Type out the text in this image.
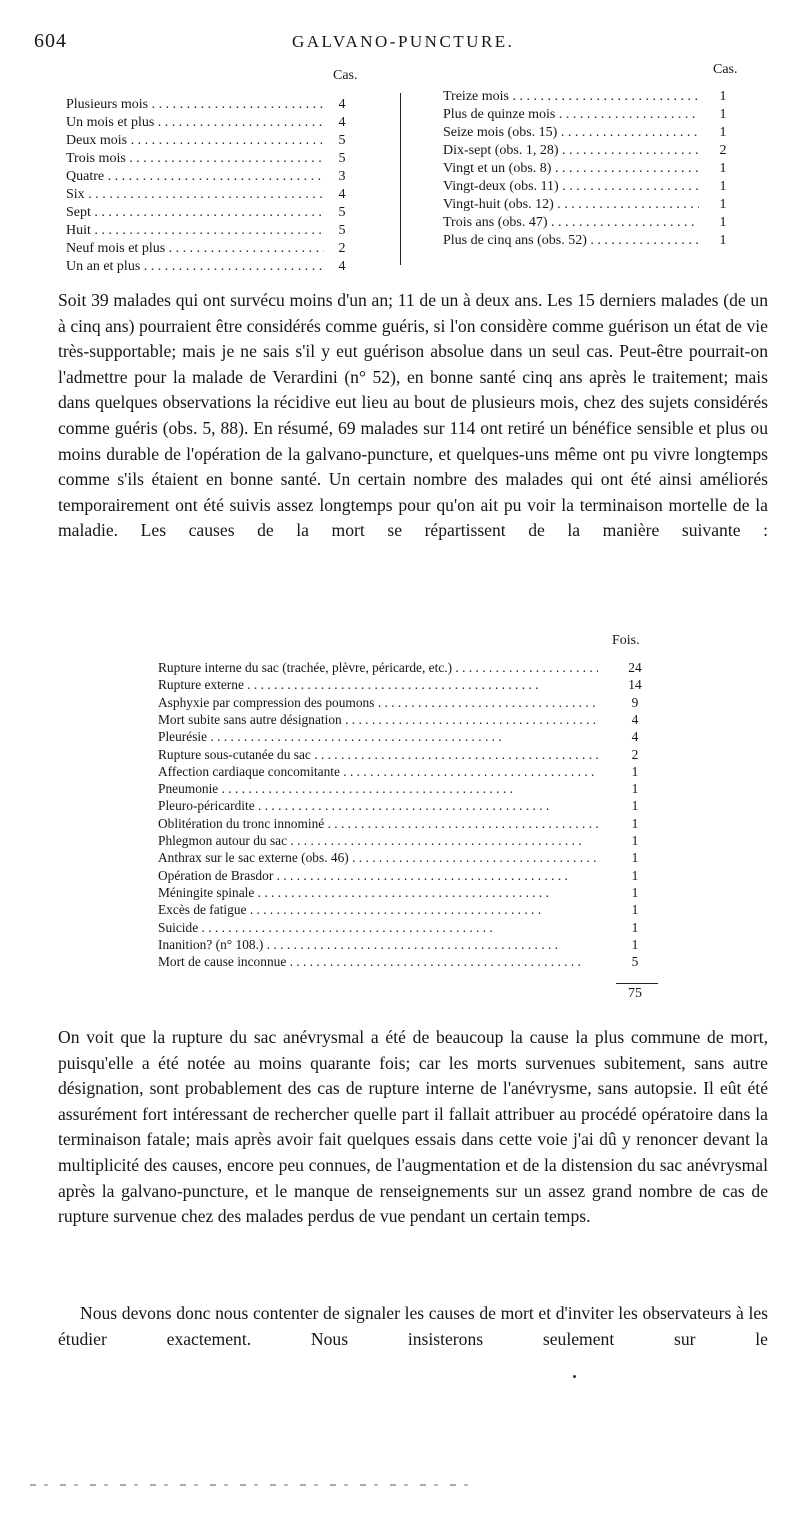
604	GALVANO-PUNCTURE.
Cas.	Cas.
Plusieurs mois . . .	4
Un mois et plus . . .	4
Deux mois . . .	5
Trois mois . . .	5
Quatre . . .	3
Six . . .	4
Sept . . .	5
Huit . . .	5
Neuf mois et plus . . .	2
Un an et plus . . .	4
Treize mois . . .	1
Plus de quinze mois . . .	1
Seize mois (obs. 15) . . .	1
Dix-sept (obs. 1, 28) . . .	2
Vingt et un (obs. 8) . . .	1
Vingt-deux (obs. 11) . . .	1
Vingt-huit (obs. 12) . . .	1
Trois ans (obs. 47) . . .	1
Plus de cinq ans (obs. 52) . . .	1

Soit 39 malades qui ont survécu moins d'un an; 11 de un à deux ans. Les 15 derniers malades (de un à cinq ans) pourraient être considérés comme guéris, si l'on considère comme guérison un état de vie très-supportable; mais je ne sais s'il y eut guérison absolue dans un seul cas. Peut-être pourrait-on l'admettre pour la malade de Verardini (n° 52), en bonne santé cinq ans après le traitement; mais dans quelques observations la récidive eut lieu au bout de plusieurs mois, chez des sujets considérés comme guéris (obs. 5, 88). En résumé, 69 malades sur 114 ont retiré un bénéfice sensible et plus ou moins durable de l'opération de la galvano-puncture, et quelques-uns même ont pu vivre longtemps comme s'ils étaient en bonne santé. Un certain nombre des malades qui ont été ainsi améliorés temporairement ont été suivis assez longtemps pour qu'on ait pu voir la terminaison mortelle de la maladie. Les causes de la mort se répartissent de la manière suivante :

Fois.
Rupture interne du sac (trachée, plèvre, péricarde, etc.) . . .	24
Rupture externe . . .	14
Asphyxie par compression des poumons . . .	9
Mort subite sans autre désignation . . .	4
Pleurésie . . .	4
Rupture sous-cutanée du sac . . .	2
Affection cardiaque concomitante . . .	1
Pneumonie . . .	1
Pleuro-péricardite . . .	1
Oblitération du tronc innominé . . .	1
Phlegmon autour du sac . . .	1
Anthrax sur le sac externe (obs. 46) . . .	1
Opération de Brasdor . . .	1
Méningite spinale . . .	1
Excès de fatigue . . .	1
Suicide . . .	1
Inanition? (n° 108.) . . .	1
Mort de cause inconnue . . .	5
75

On voit que la rupture du sac anévrysmal a été de beaucoup la cause la plus commune de mort, puisqu'elle a été notée au moins quarante fois; car les morts survenues subitement, sans autre désignation, sont probablement des cas de rupture interne de l'anévrysme, sans autopsie. Il eût été assurément fort intéressant de rechercher quelle part il fallait attribuer au procédé opératoire dans la terminaison fatale; mais après avoir fait quelques essais dans cette voie j'ai dû y renoncer devant la multiplicité des causes, encore peu connues, de l'augmentation et de la distension du sac anévrysmal après la galvano-puncture, et le manque de renseignements sur un assez grand nombre de cas de rupture survenue chez des malades perdus de vue pendant un certain temps.

Nous devons donc nous contenter de signaler les causes de mort et d'inviter les observateurs à les étudier exactement. Nous insisterons seulement sur le
